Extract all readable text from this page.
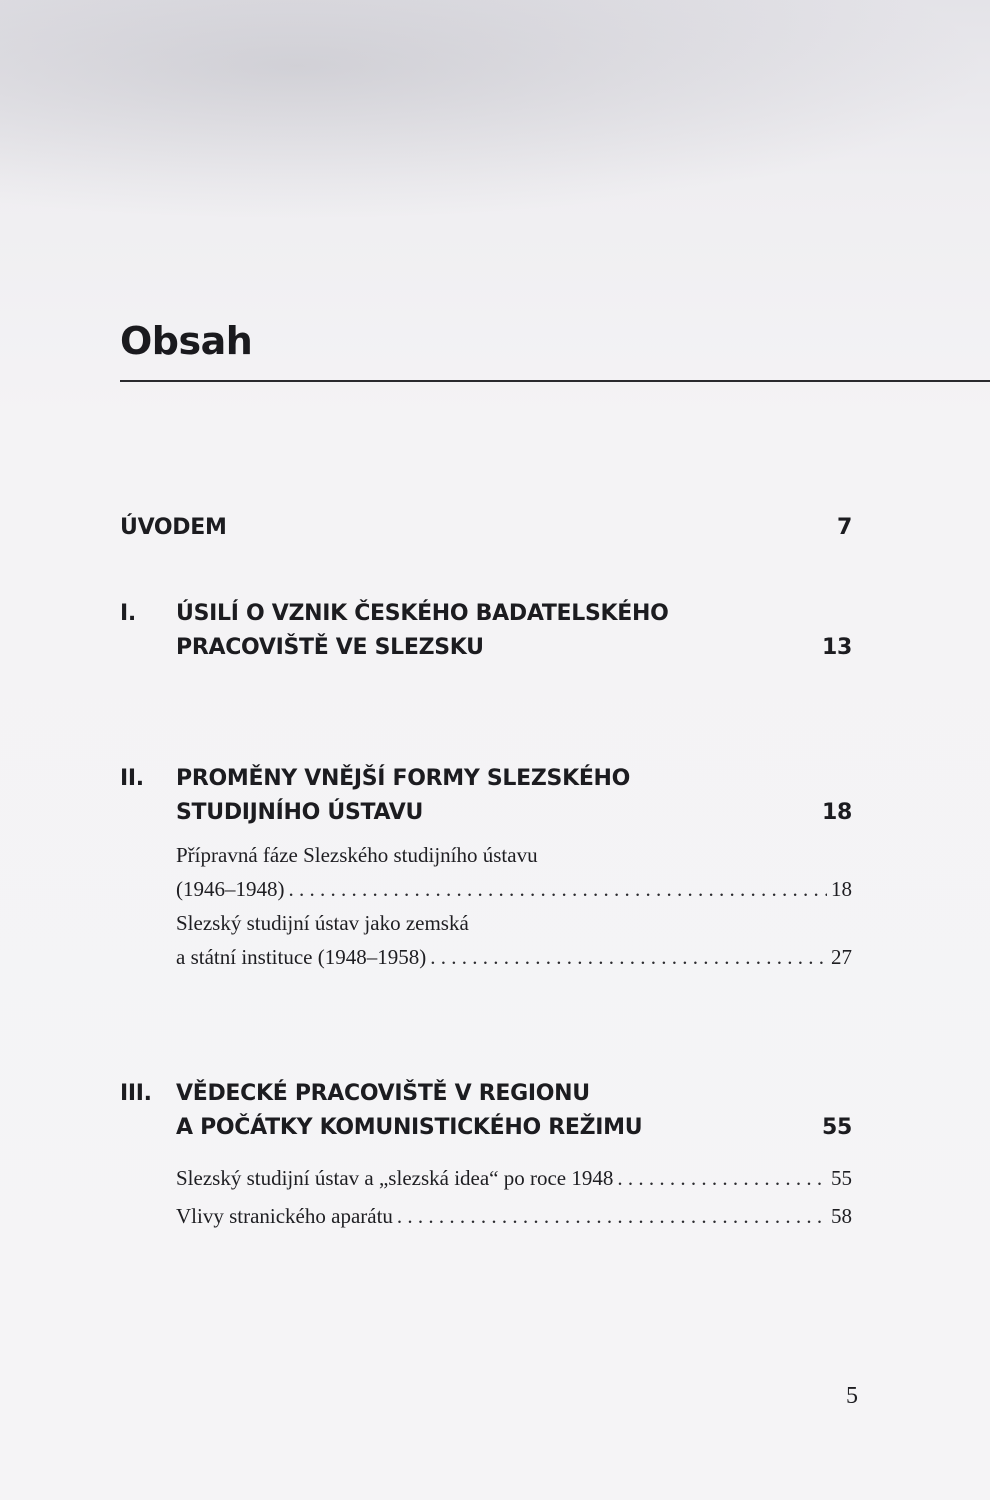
Obsah
ÚVODEM	7
I.	ÚSILÍ O VZNIK ČESKÉHO BADATELSKÉHO
PRACOVIŠTĚ VE SLEZSKU	13
II.	PROMĚNY VNĚJŠÍ FORMY SLEZSKÉHO
STUDIJNÍHO ÚSTAVU	18
Přípravná fáze Slezského studijního ústavu
(1946–1948) . . .	18
Slezský studijní ústav jako zemská
a státní instituce (1948–1958) . . .	27
III.	VĚDECKÉ PRACOVIŠTĚ V REGIONU
A POČÁTKY KOMUNISTICKÉHO REŽIMU	55
Slezský studijní ústav a „slezská idea“ po roce 1948 . . .	55
Vlivy stranického aparátu . . .	58
5
